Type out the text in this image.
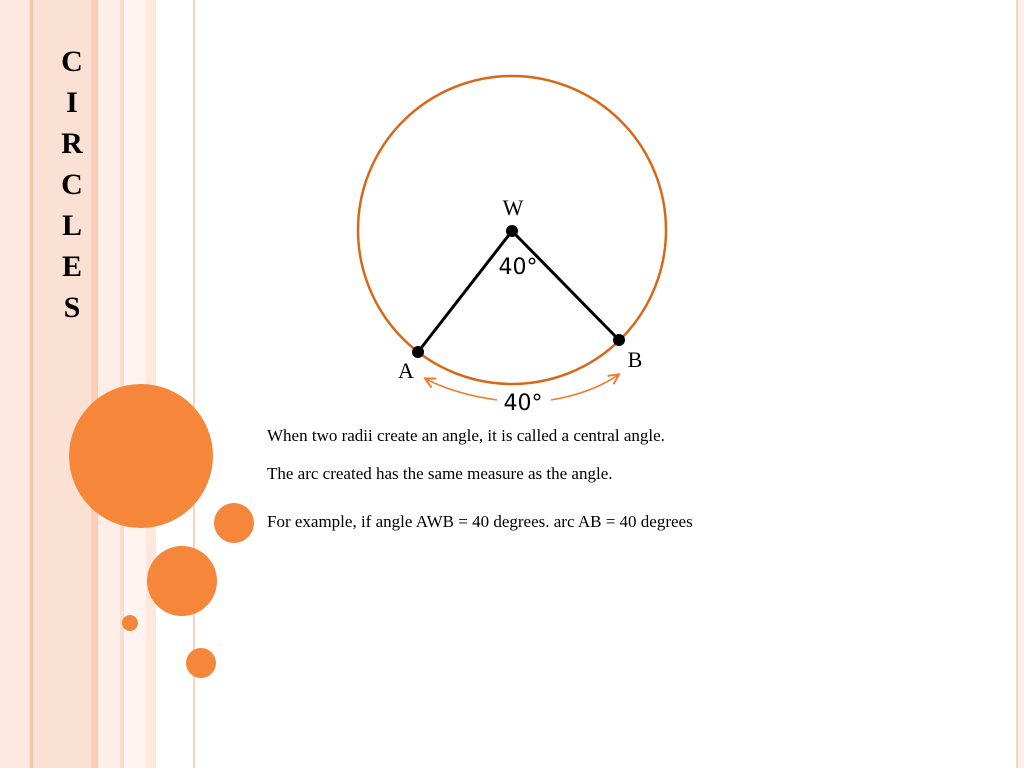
C
I
R
C
L
E
S
W
A	B
40°
40°
When two radii create an angle, it is called a central angle.
The arc created has the same measure as the angle.
For example, if angle AWB = 40 degrees. arc AB = 40 degrees
